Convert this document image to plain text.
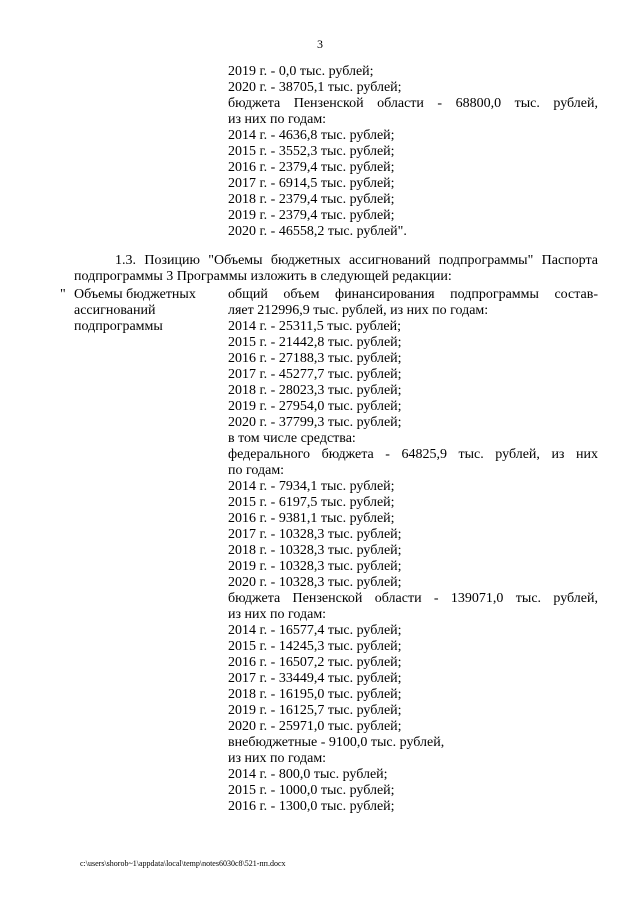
3
2019 г. - 0,0 тыс. рублей;
2020 г. - 38705,1 тыс. рублей;
бюджета Пензенской области - 68800,0 тыс. рублей,
из них по годам:
2014 г. - 4636,8 тыс. рублей;
2015 г. - 3552,3 тыс. рублей;
2016 г. - 2379,4 тыс. рублей;
2017 г. - 6914,5 тыс. рублей;
2018 г. - 2379,4 тыс. рублей;
2019 г. - 2379,4 тыс. рублей;
2020 г. - 46558,2 тыс. рублей".
1.3. Позицию "Объемы бюджетных ассигнований подпрограммы" Паспорта
подпрограммы 3 Программы изложить в следующей редакции:
" Объемы бюджетных
ассигнований
подпрограммы
общий объем финансирования подпрограммы состав-
ляет 212996,9 тыс. рублей, из них по годам:
2014 г. - 25311,5 тыс. рублей;
2015 г. - 21442,8 тыс. рублей;
2016 г. - 27188,3 тыс. рублей;
2017 г. - 45277,7 тыс. рублей;
2018 г. - 28023,3 тыс. рублей;
2019 г. - 27954,0 тыс. рублей;
2020 г. - 37799,3 тыс. рублей;
в том числе средства:
федерального бюджета - 64825,9 тыс. рублей, из них
по годам:
2014 г. - 7934,1 тыс. рублей;
2015 г. - 6197,5 тыс. рублей;
2016 г. - 9381,1 тыс. рублей;
2017 г. - 10328,3 тыс. рублей;
2018 г. - 10328,3 тыс. рублей;
2019 г. - 10328,3 тыс. рублей;
2020 г. - 10328,3 тыс. рублей;
бюджета Пензенской области - 139071,0 тыс. рублей,
из них по годам:
2014 г. - 16577,4 тыс. рублей;
2015 г. - 14245,3 тыс. рублей;
2016 г. - 16507,2 тыс. рублей;
2017 г. - 33449,4 тыс. рублей;
2018 г. - 16195,0 тыс. рублей;
2019 г. - 16125,7 тыс. рублей;
2020 г. - 25971,0 тыс. рублей;
внебюджетные - 9100,0 тыс. рублей,
из них по годам:
2014 г. - 800,0 тыс. рублей;
2015 г. - 1000,0 тыс. рублей;
2016 г. - 1300,0 тыс. рублей;
c:\users\shorob~1\appdata\local\temp\notes6030c8\521-пп.docx
